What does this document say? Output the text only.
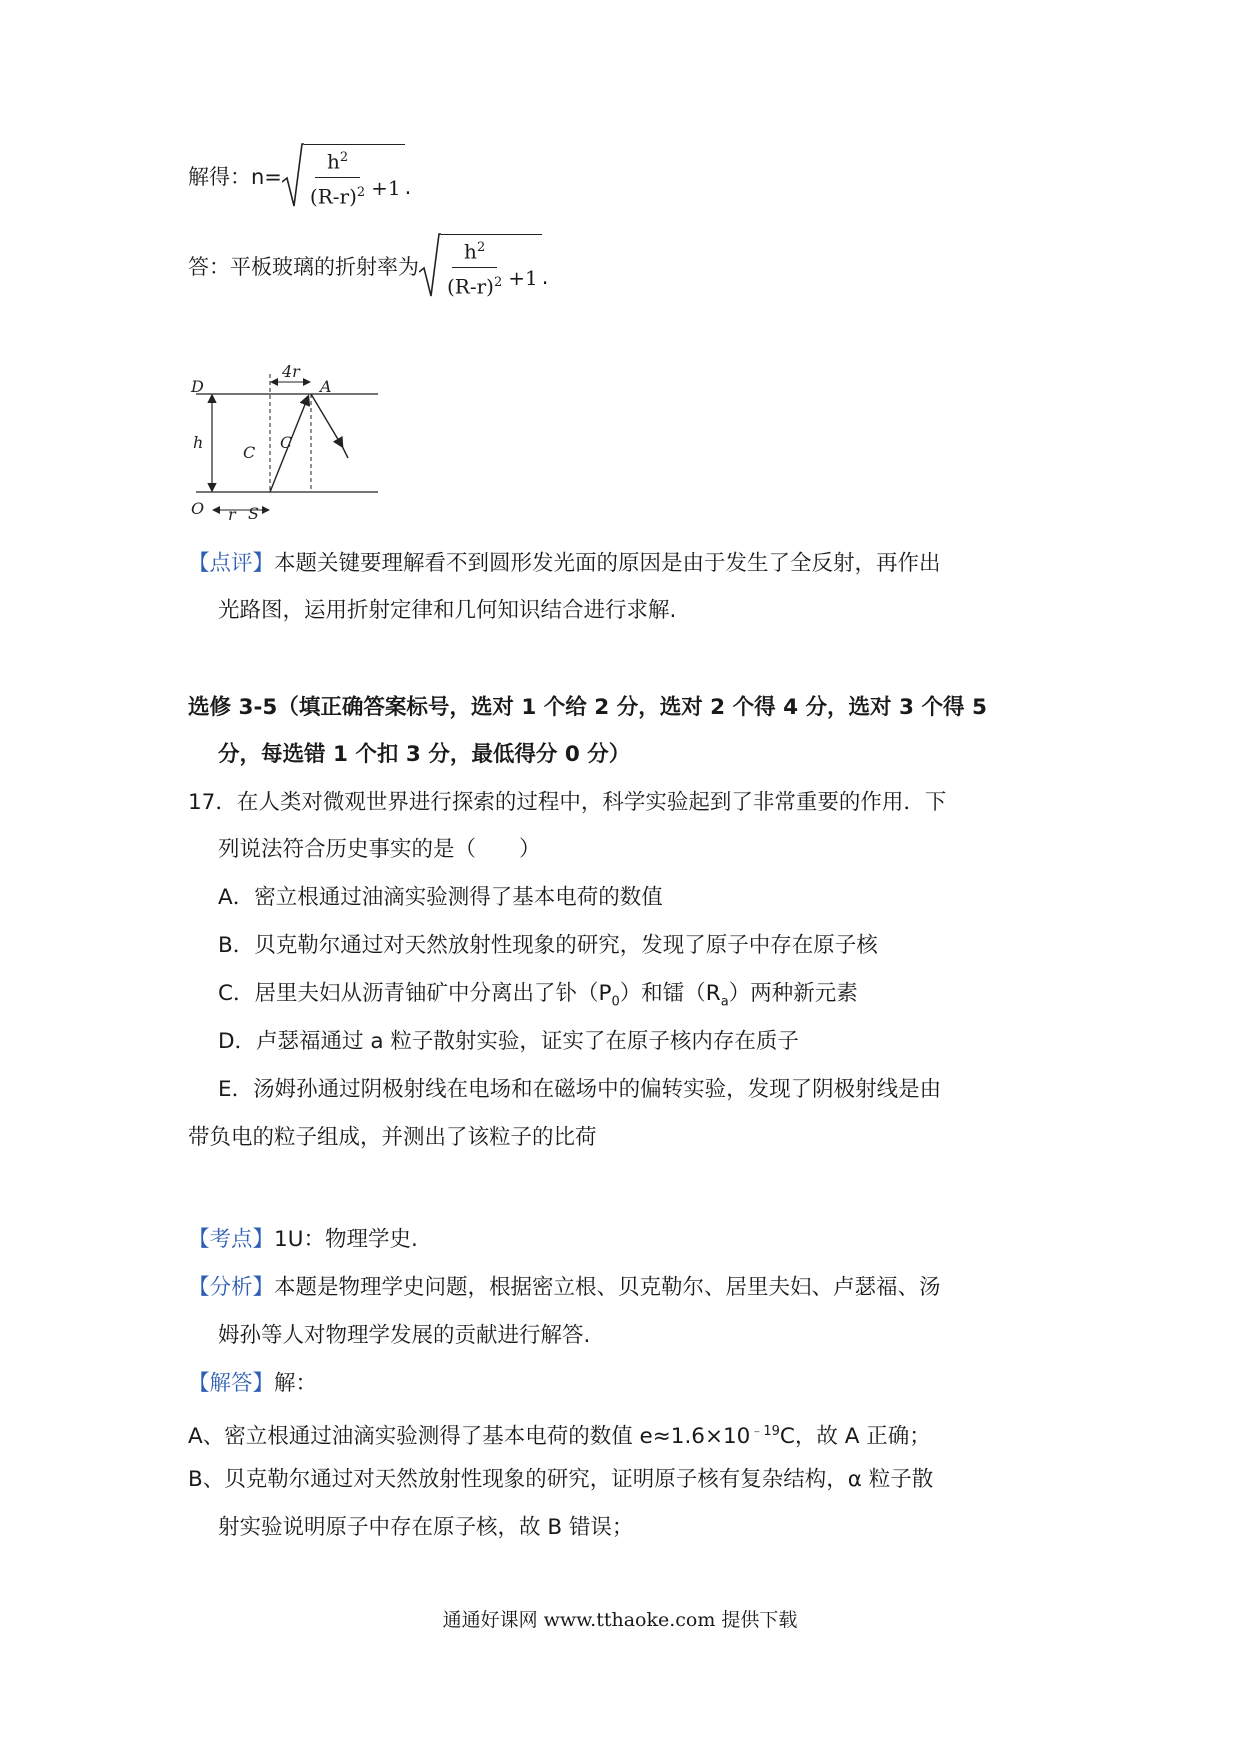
解得：$n= \frac{h^2}{(R-r)^2} +1$ .
答：平板玻璃的折射率为 $\frac{h^2}{(R-r)^2} +1$ .
D	A
O	S
h
r
4r
C
C
【点评】本题关键要理解看不到圆形发光面的原因是由于发生了全反射，再作出
光路图，运用折射定律和几何知识结合进行求解.
选修 3-5（填正确答案标号，选对 1 个给 2 分，选对 2 个得 4 分，选对 3 个得 5
分，每选错 1 个扣 3 分，最低得分 0 分）
17．在人类对微观世界进行探索的过程中，科学实验起到了非常重要的作用．下
列说法符合历史事实的是（　　）
A．密立根通过油滴实验测得了基本电荷的数值
B．贝克勒尔通过对天然放射性现象的研究，发现了原子中存在原子核
C．居里夫妇从沥青铀矿中分离出了钋$(P_0)$和镭$(R_a)$两种新元素
D．卢瑟福通过 a 粒子散射实验，证实了在原子核内存在质子
E．汤姆孙通过阴极射线在电场和在磁场中的偏转实验，发现了阴极射线是由
带负电的粒子组成，并测出了该粒子的比荷
【考点】1U：物理学史.
【分析】本题是物理学史问题，根据密立根、贝克勒尔、居里夫妇、卢瑟福、汤
姆孙等人对物理学发展的贡献进行解答.
【解答】解：
A、密立根通过油滴实验测得了基本电荷的数值 $e\approx 1.6\times 10^{﹣19}C$，故 A 正确；
B、贝克勒尔通过对天然放射性现象的研究，证明原子核有复杂结构，α 粒子散
射实验说明原子中存在原子核，故 B 错误；
通通好课网 www.tthaoke.com 提供下载
